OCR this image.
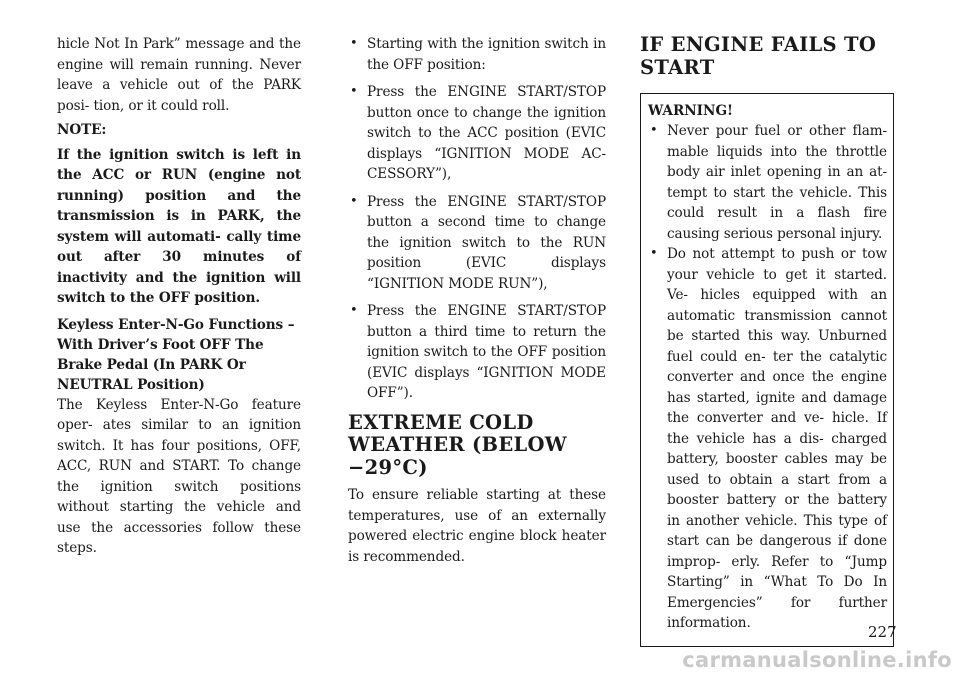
hicle Not In Park” message and the engine will remain running. Never leave a vehicle out of the PARK posi- tion, or it could roll.

NOTE:

If the ignition switch is left in the ACC or RUN (engine not running) position and the transmission is in PARK, the system will automati- cally time out after 30 minutes of inactivity and the ignition will switch to the OFF position.

Keyless Enter-N-Go Functions –
With Driver’s Foot OFF The
Brake Pedal (In PARK Or
NEUTRAL Position)

The Keyless Enter-N-Go feature oper- ates similar to an ignition switch. It has four positions, OFF, ACC, RUN and START. To change the ignition switch positions without starting the vehicle and use the accessories follow these steps.

• Starting with the ignition switch in the OFF position:
• Press the ENGINE START/STOP button once to change the ignition switch to the ACC position (EVIC displays “IGNITION MODE AC- CESSORY”),
• Press the ENGINE START/STOP button a second time to change the ignition switch to the RUN position (EVIC displays “IGNITION MODE RUN”),
• Press the ENGINE START/STOP button a third time to return the ignition switch to the OFF position (EVIC displays “IGNITION MODE OFF”).
EXTREME COLD
WEATHER (BELOW −29°C)

To ensure reliable starting at these temperatures, use of an externally powered electric engine block heater is recommended.

IF ENGINE FAILS TO
START

WARNING!

• Never pour fuel or other flam- mable liquids into the throttle body air inlet opening in an at- tempt to start the vehicle. This could result in a flash fire causing serious personal injury.
• Do not attempt to push or tow your vehicle to get it started. Ve- hicles equipped with an automatic transmission cannot be started this way. Unburned fuel could en- ter the catalytic converter and once the engine has started, ignite and damage the converter and ve- hicle. If the vehicle has a dis- charged battery, booster cables may be used to obtain a start from a booster battery or the battery in another vehicle. This type of start can be dangerous if done improp- erly. Refer to “Jump Starting” in “What To Do In Emergencies” for further information.	227
carmanualsonline.info
